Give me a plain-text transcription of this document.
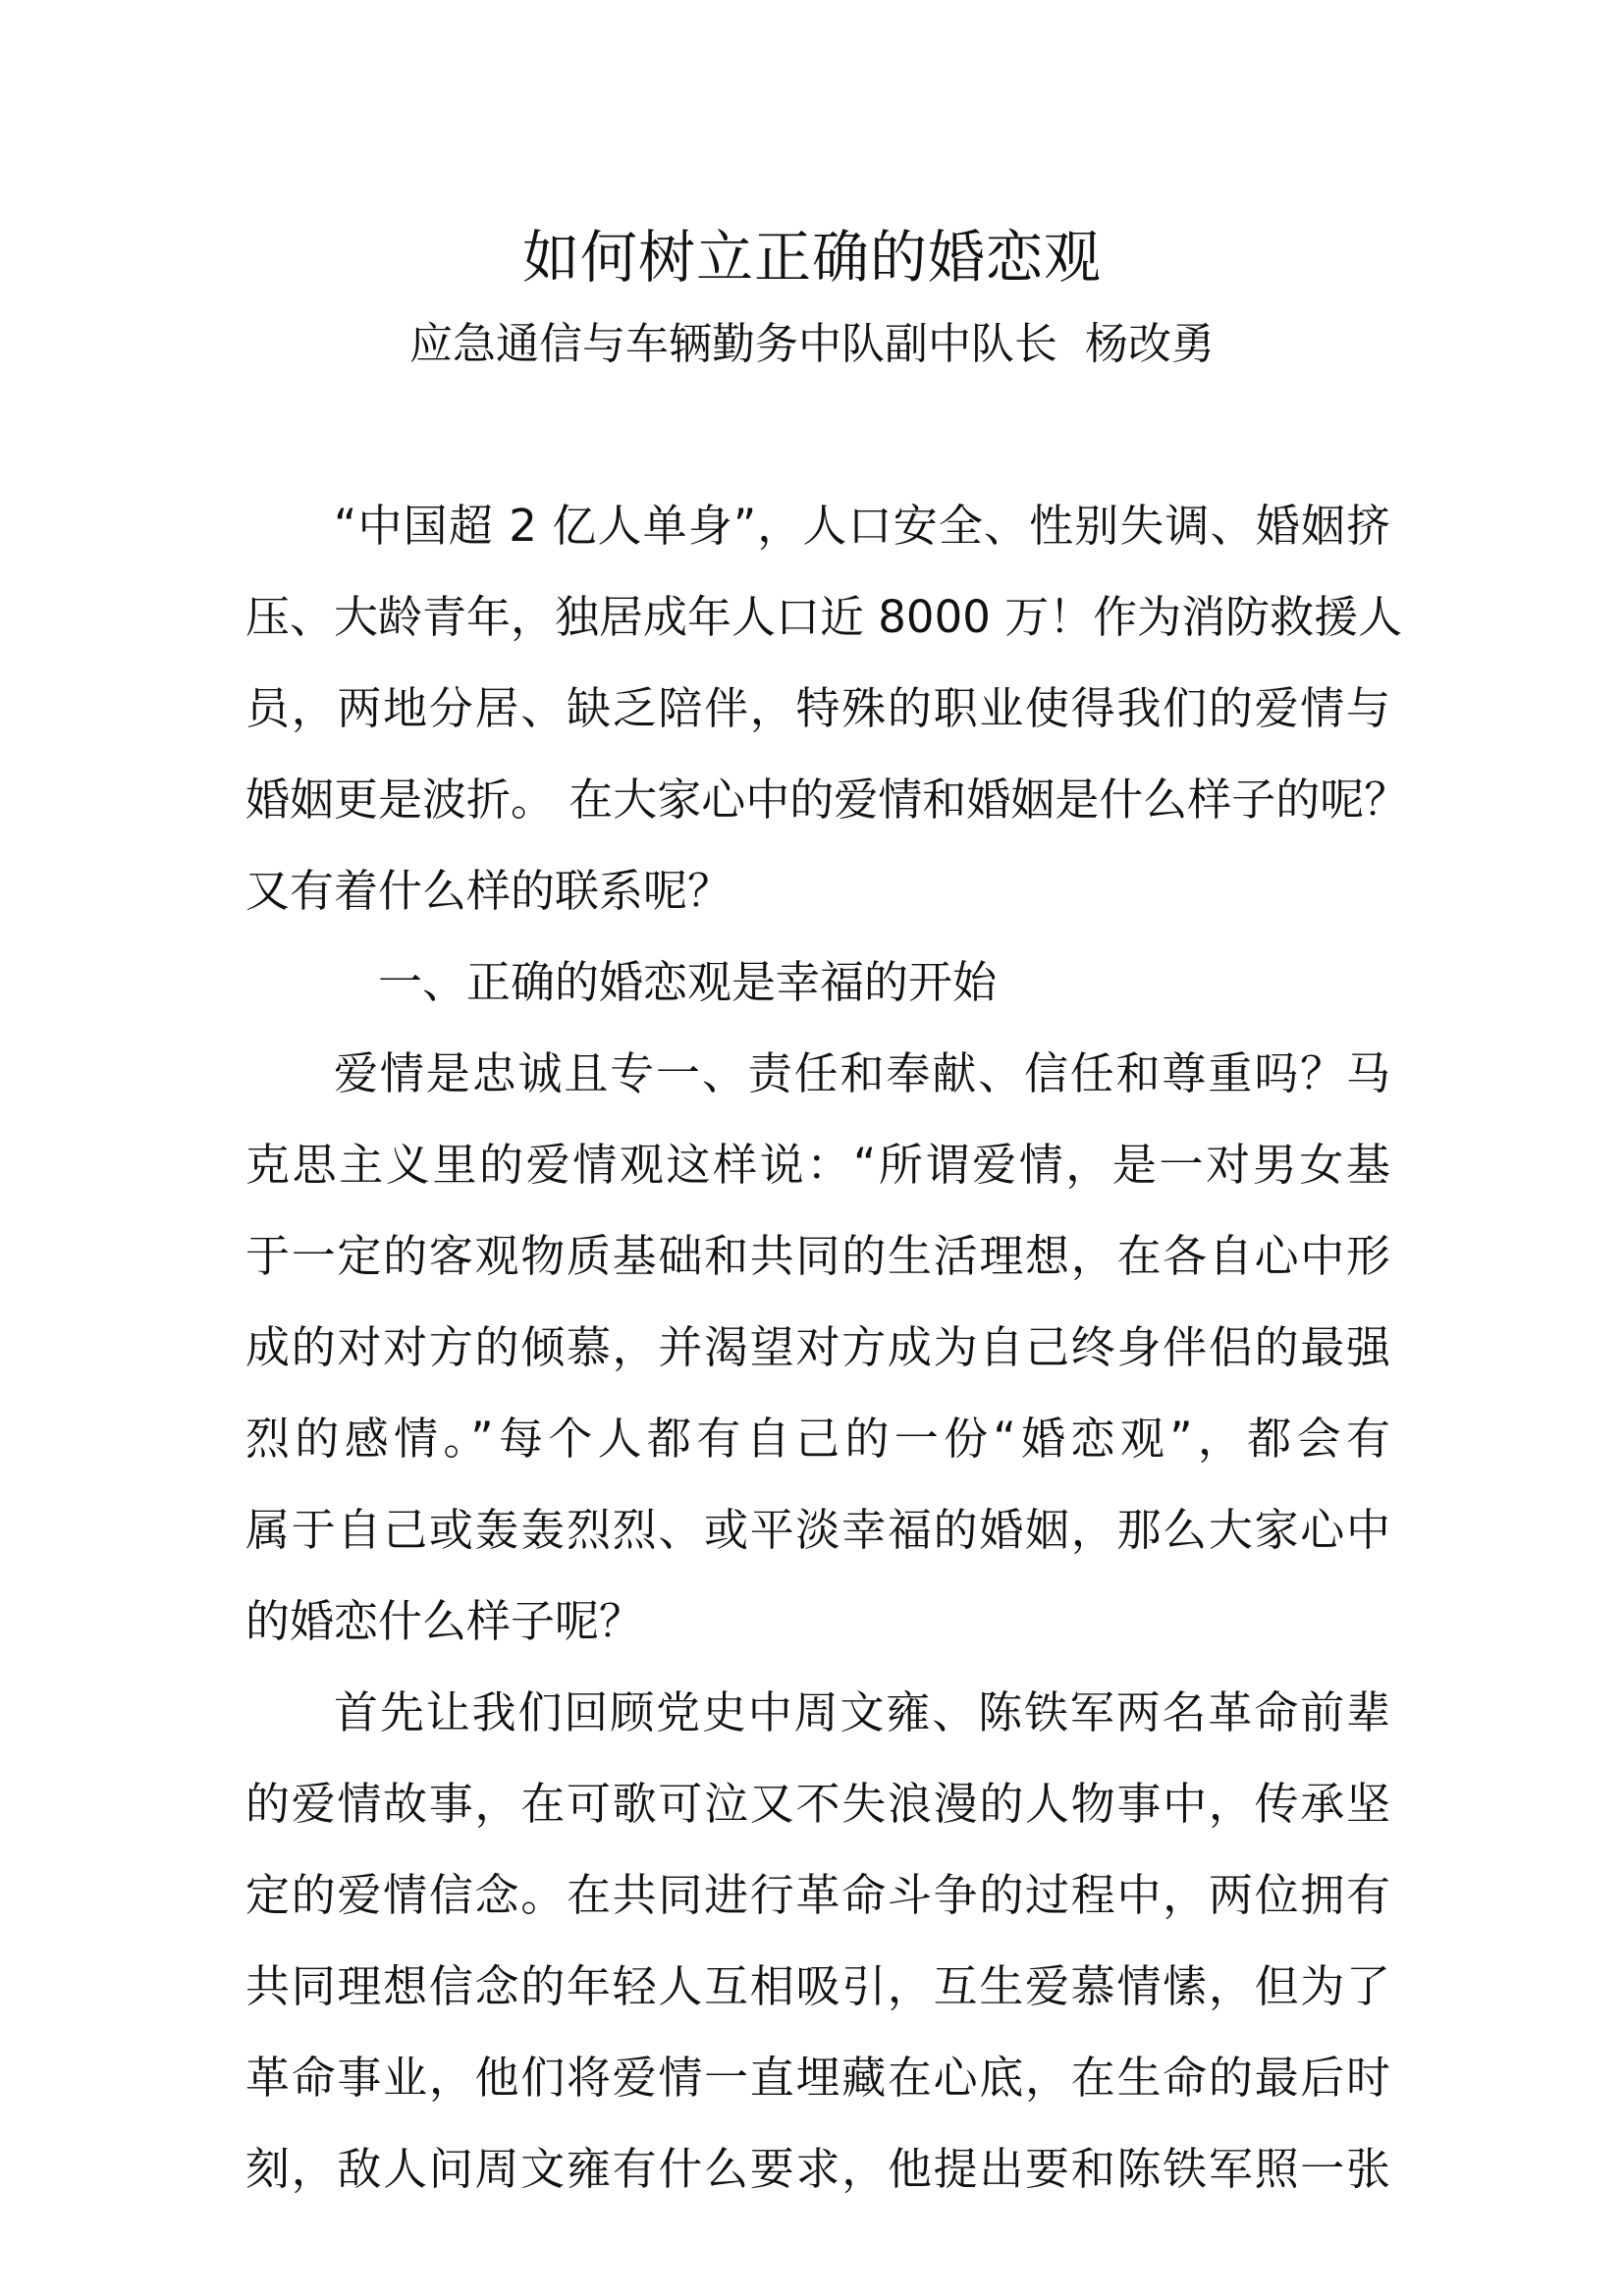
如何树立正确的婚恋观

应急通信与车辆勤务中队副中队长  杨改勇

“中国超 2 亿人单身”，人口安全、性别失调、婚姻挤

压、大龄青年，独居成年人口近 8000 万！作为消防救援人

员，两地分居、缺乏陪伴，特殊的职业使得我们的爱情与

婚姻更是波折。 在大家心中的爱情和婚姻是什么样子的呢？

又有着什么样的联系呢？

一、正确的婚恋观是幸福的开始

爱情是忠诚且专一、责任和奉献、信任和尊重吗？马

克思主义里的爱情观这样说：“所谓爱情，是一对男女基

于一定的客观物质基础和共同的生活理想，在各自心中形

成的对对方的倾慕，并渴望对方成为自己终身伴侣的最强

烈的感情。”每个人都有自己的一份“婚恋观”，都会有

属于自己或轰轰烈烈、或平淡幸福的婚姻，那么大家心中

的婚恋什么样子呢？

首先让我们回顾党史中周文雍、陈铁军两名革命前辈

的爱情故事，在可歌可泣又不失浪漫的人物事中，传承坚

定的爱情信念。在共同进行革命斗争的过程中，两位拥有

共同理想信念的年轻人互相吸引，互生爱慕情愫，但为了

革命事业，他们将爱情一直埋藏在心底，在生命的最后时

刻，敌人问周文雍有什么要求，他提出要和陈铁军照一张
